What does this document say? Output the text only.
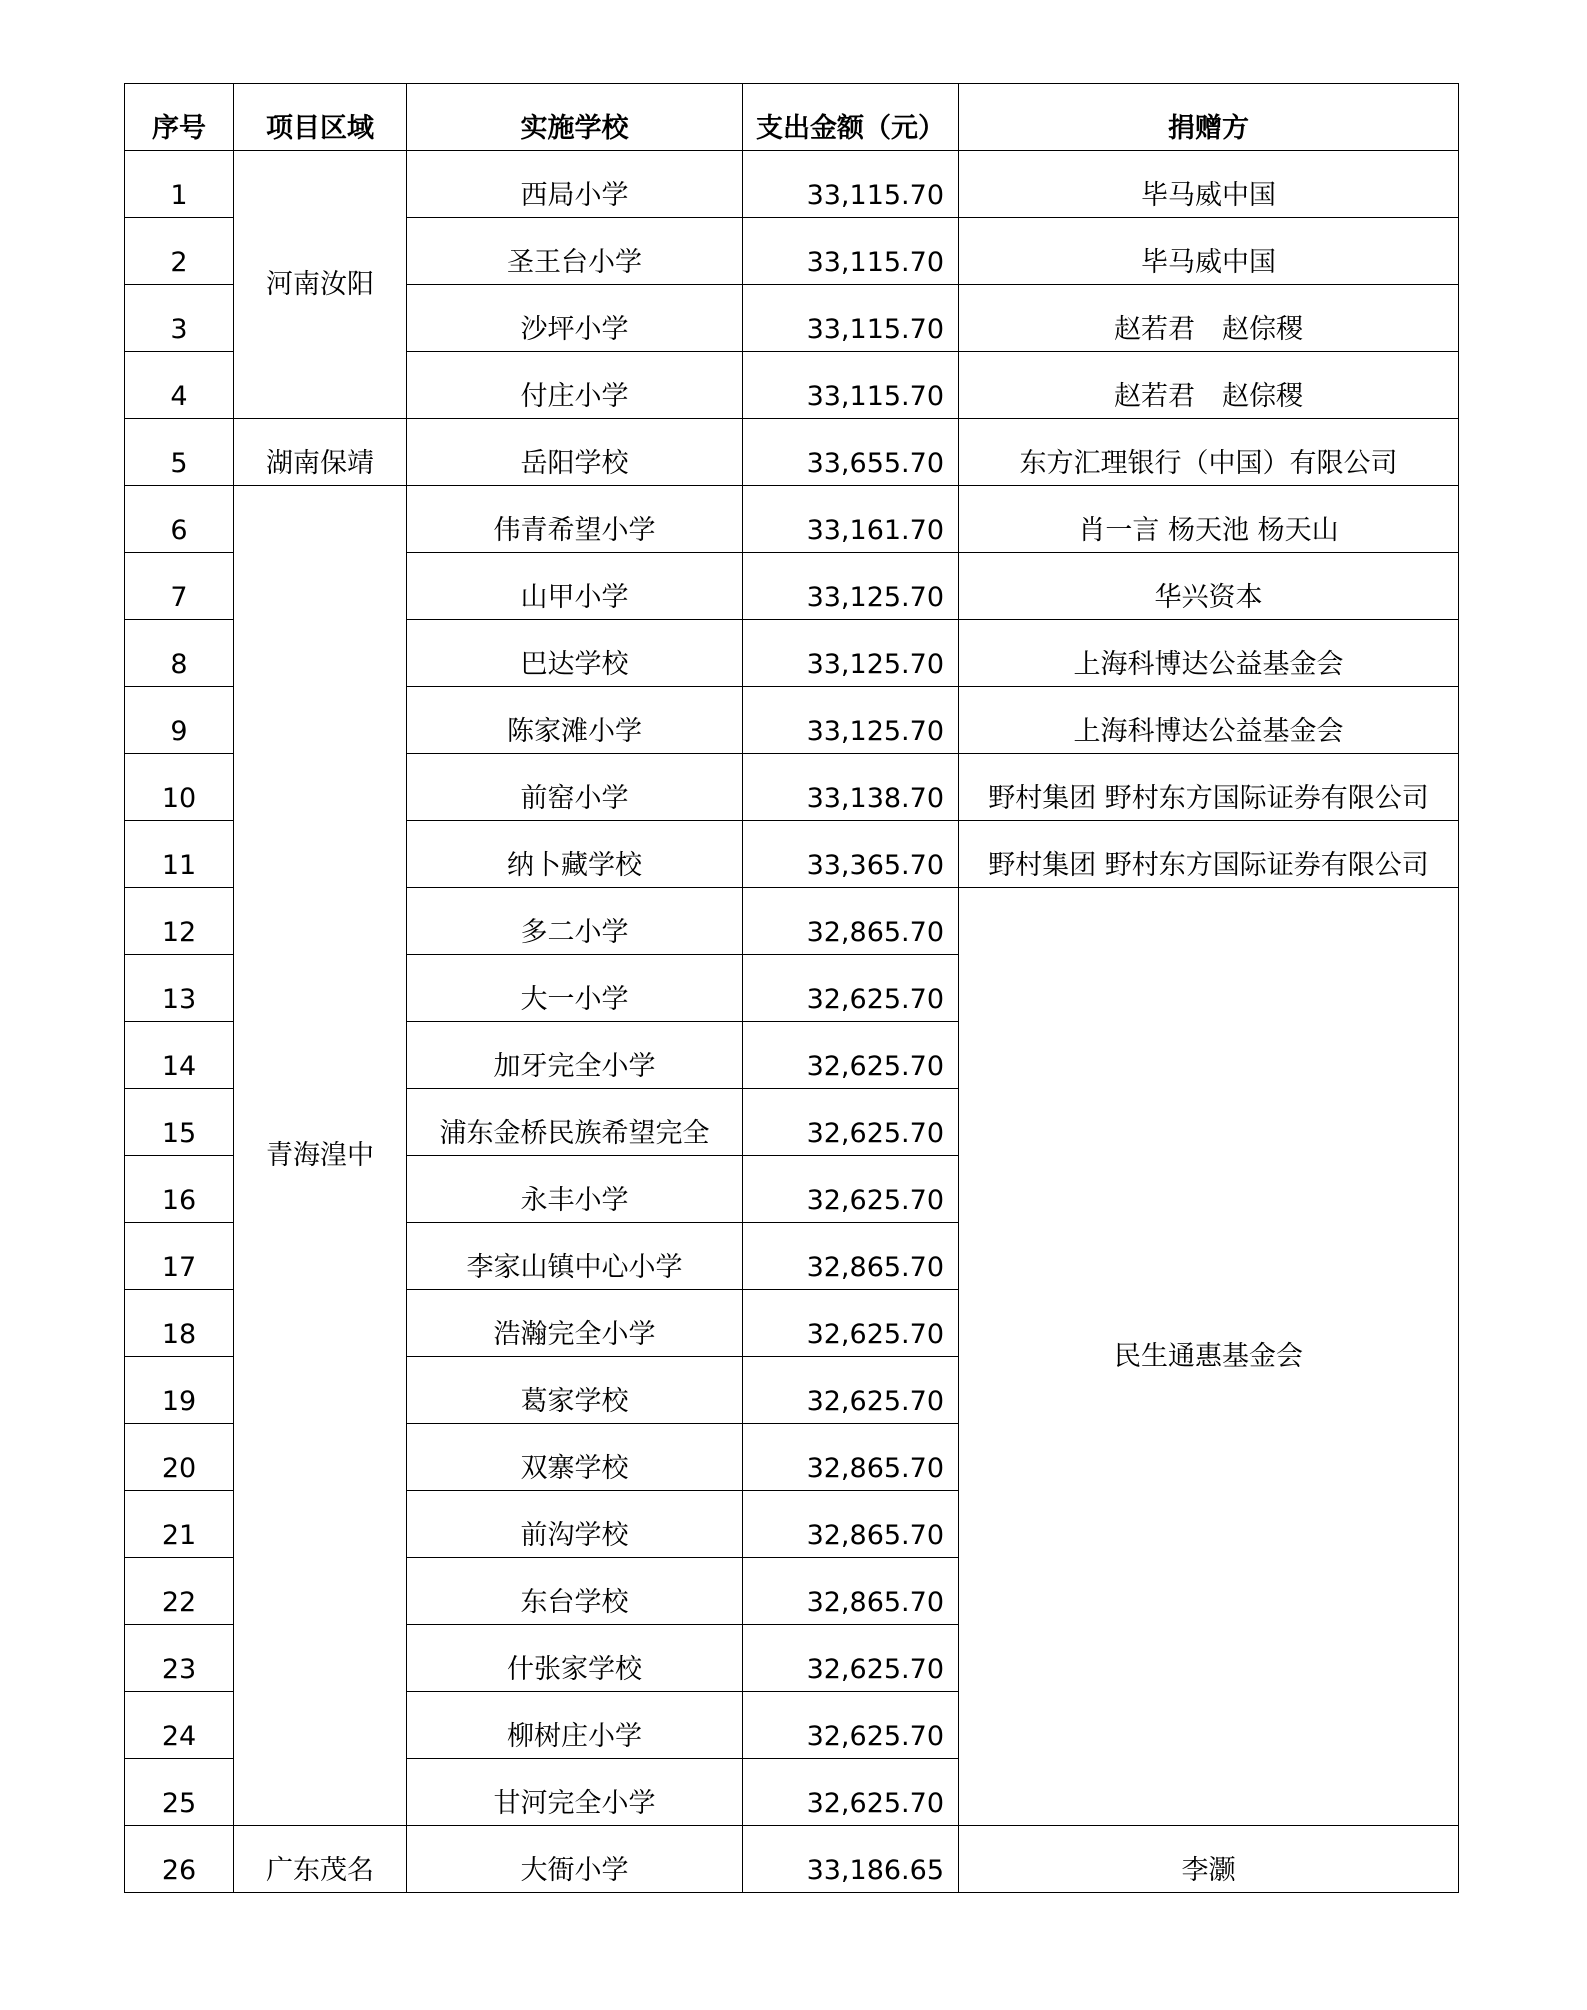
序号	项目区域	实施学校	支出金额（元）	捐赠方
1	河南汝阳	西局小学	33,115.70	毕马威中国
2		圣王台小学	33,115.70	毕马威中国
3		沙坪小学	33,115.70	赵若君　赵倧稷
4		付庄小学	33,115.70	赵若君　赵倧稷
5	湖南保靖	岳阳学校	33,655.70	东方汇理银行（中国）有限公司
6	青海湟中	伟青希望小学	33,161.70	肖一言 杨天池 杨天山
7		山甲小学	33,125.70	华兴资本
8		巴达学校	33,125.70	上海科博达公益基金会
9		陈家滩小学	33,125.70	上海科博达公益基金会
10		前窑小学	33,138.70	野村集团 野村东方国际证券有限公司
11		纳卜藏学校	33,365.70	野村集团 野村东方国际证券有限公司
12		多二小学	32,865.70	民生通惠基金会
13		大一小学	32,625.70	
14		加牙完全小学	32,625.70	
15		浦东金桥民族希望完全	32,625.70	
16		永丰小学	32,625.70	
17		李家山镇中心小学	32,865.70	
18		浩瀚完全小学	32,625.70	
19		葛家学校	32,625.70	
20		双寨学校	32,865.70	
21		前沟学校	32,865.70	
22		东台学校	32,865.70	
23		什张家学校	32,625.70	
24		柳树庄小学	32,625.70	
25		甘河完全小学	32,625.70	
26	广东茂名	大衙小学	33,186.65	李灏
